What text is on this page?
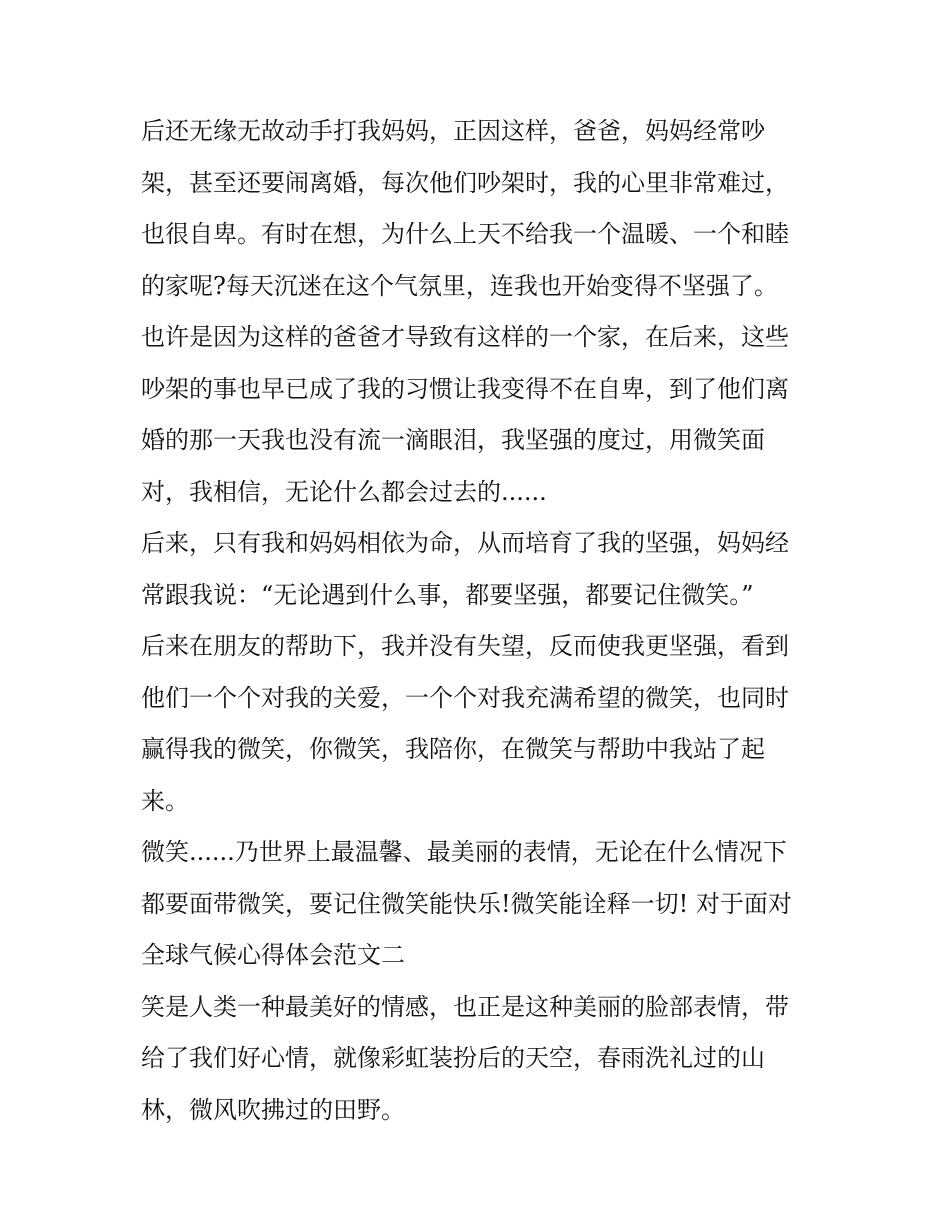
后还无缘无故动手打我妈妈，正因这样，爸爸，妈妈经常吵
架，甚至还要闹离婚，每次他们吵架时，我的心里非常难过，
也很自卑。有时在想，为什么上天不给我一个温暖、一个和睦
的家呢?每天沉迷在这个气氛里，连我也开始变得不坚强了。
也许是因为这样的爸爸才导致有这样的一个家，在后来，这些
吵架的事也早已成了我的习惯让我变得不在自卑，到了他们离
婚的那一天我也没有流一滴眼泪，我坚强的度过，用微笑面
对，我相信，无论什么都会过去的......
后来，只有我和妈妈相依为命，从而培育了我的坚强，妈妈经
常跟我说：“无论遇到什么事，都要坚强，都要记住微笑。”
后来在朋友的帮助下，我并没有失望，反而使我更坚强，看到
他们一个个对我的关爱，一个个对我充满希望的微笑，也同时
赢得我的微笑，你微笑，我陪你，在微笑与帮助中我站了起
来。
微笑......乃世界上最温馨、最美丽的表情，无论在什么情况下
都要面带微笑，要记住微笑能快乐!微笑能诠释一切! 对于面对
全球气候心得体会范文二
笑是人类一种最美好的情感，也正是这种美丽的脸部表情，带
给了我们好心情，就像彩虹装扮后的天空，春雨洗礼过的山
林，微风吹拂过的田野。
